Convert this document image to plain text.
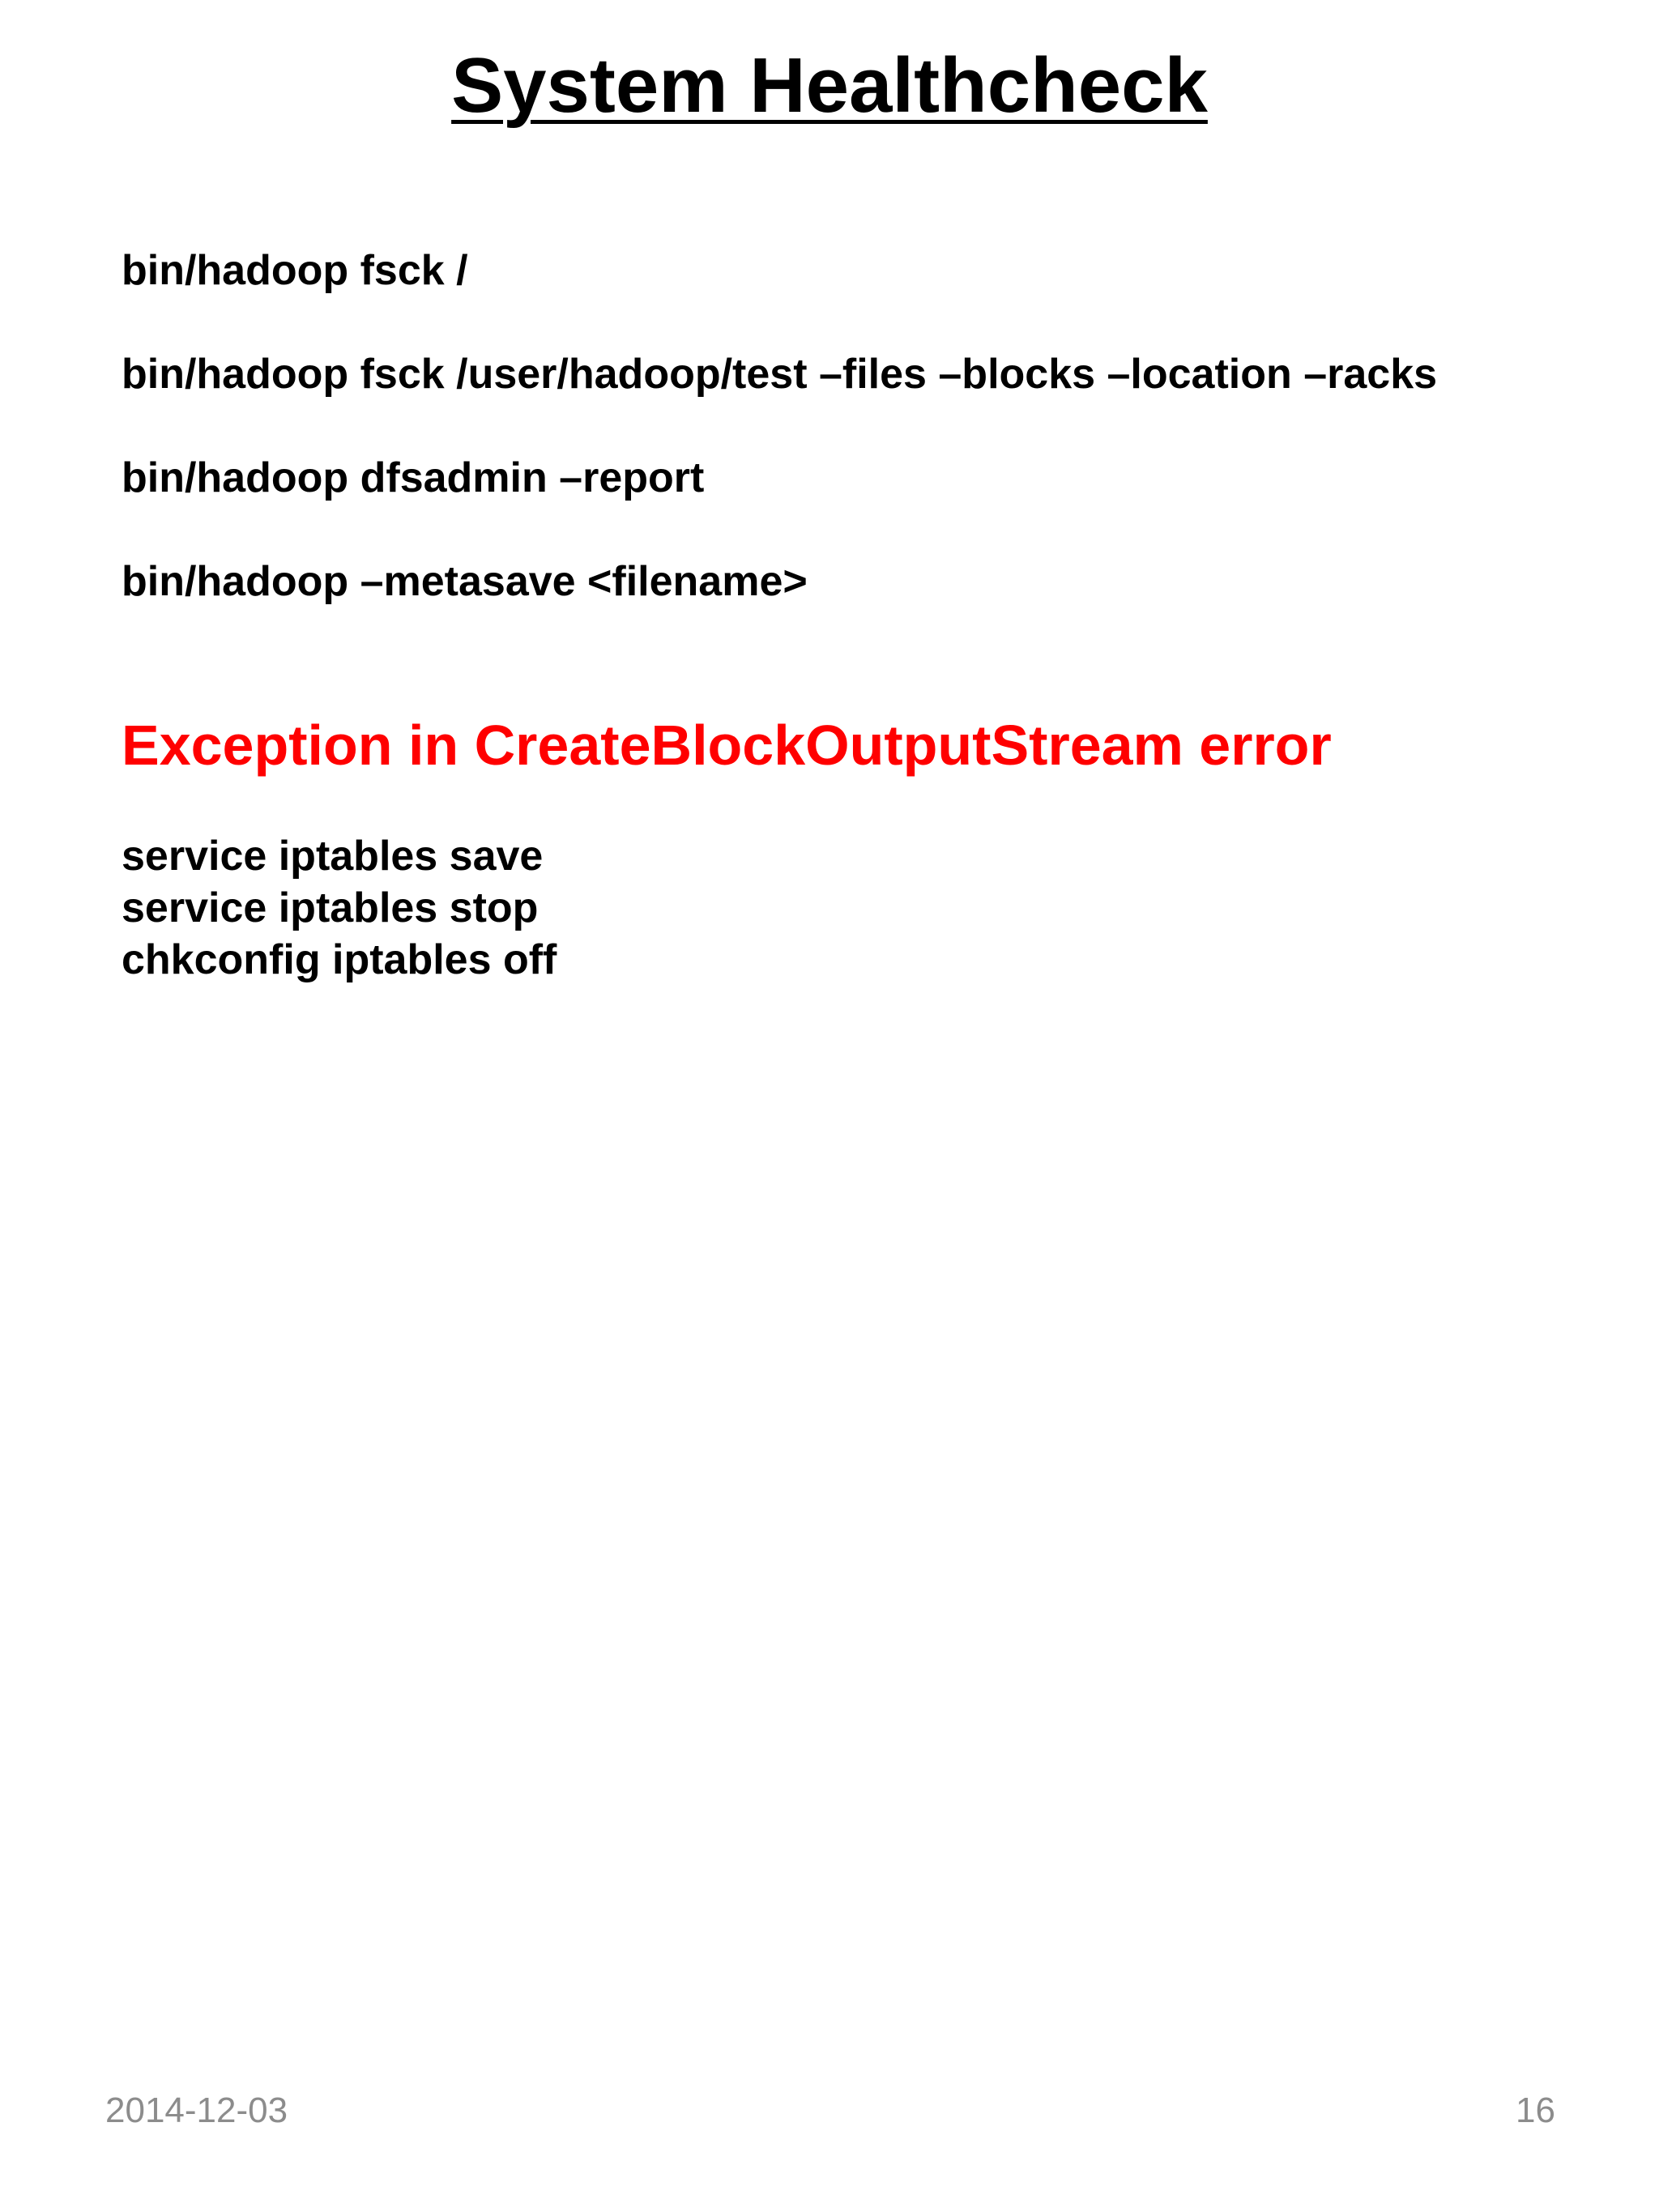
System Healthcheck

bin/hadoop fsck /

bin/hadoop fsck /user/hadoop/test –files –blocks –location –racks

bin/hadoop dfsadmin –report

bin/hadoop –metasave <filename>

Exception in CreateBlockOutputStream error

service iptables save

service iptables stop

chkconfig iptables off

2014-12-03	16
